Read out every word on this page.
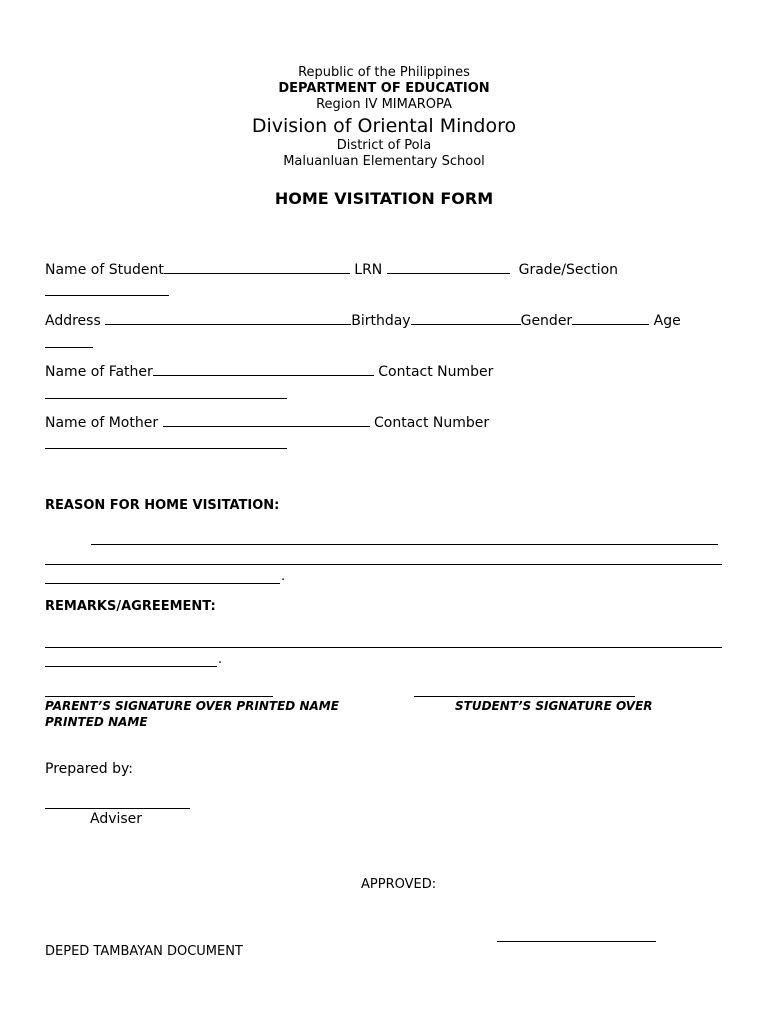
Republic of the Philippines
DEPARTMENT OF EDUCATION
Region IV MIMAROPA
Division of Oriental Mindoro
District of Pola
Maluanluan Elementary School
HOME VISITATION FORM
Name of Student	LRN	Grade/Section
Address	Birthday	Gender	Age
Name of Father	Contact Number
Name of Mother	Contact Number
REASON FOR HOME VISITATION:
.
REMARKS/AGREEMENT:
.
PARENT’S SIGNATURE OVER PRINTED NAME	STUDENT’S SIGNATURE OVER
PRINTED NAME
Prepared by:
Adviser
APPROVED:
DEPED TAMBAYAN DOCUMENT
